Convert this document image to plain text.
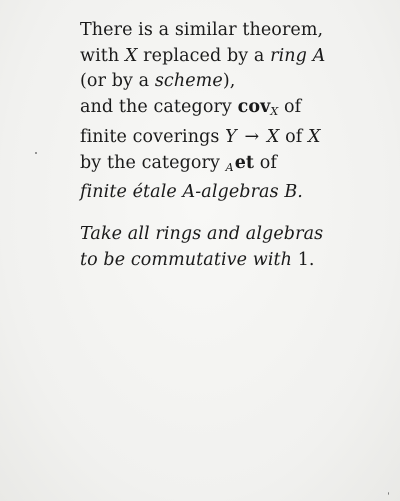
There is a similar theorem,
with X replaced by a ring A
(or by a scheme),
and the category cov$_X$ of
finite coverings Y → X of X
by the category Aet of
finite étale A-algebras B.
Take all rings and algebras
to be commutative with 1.
